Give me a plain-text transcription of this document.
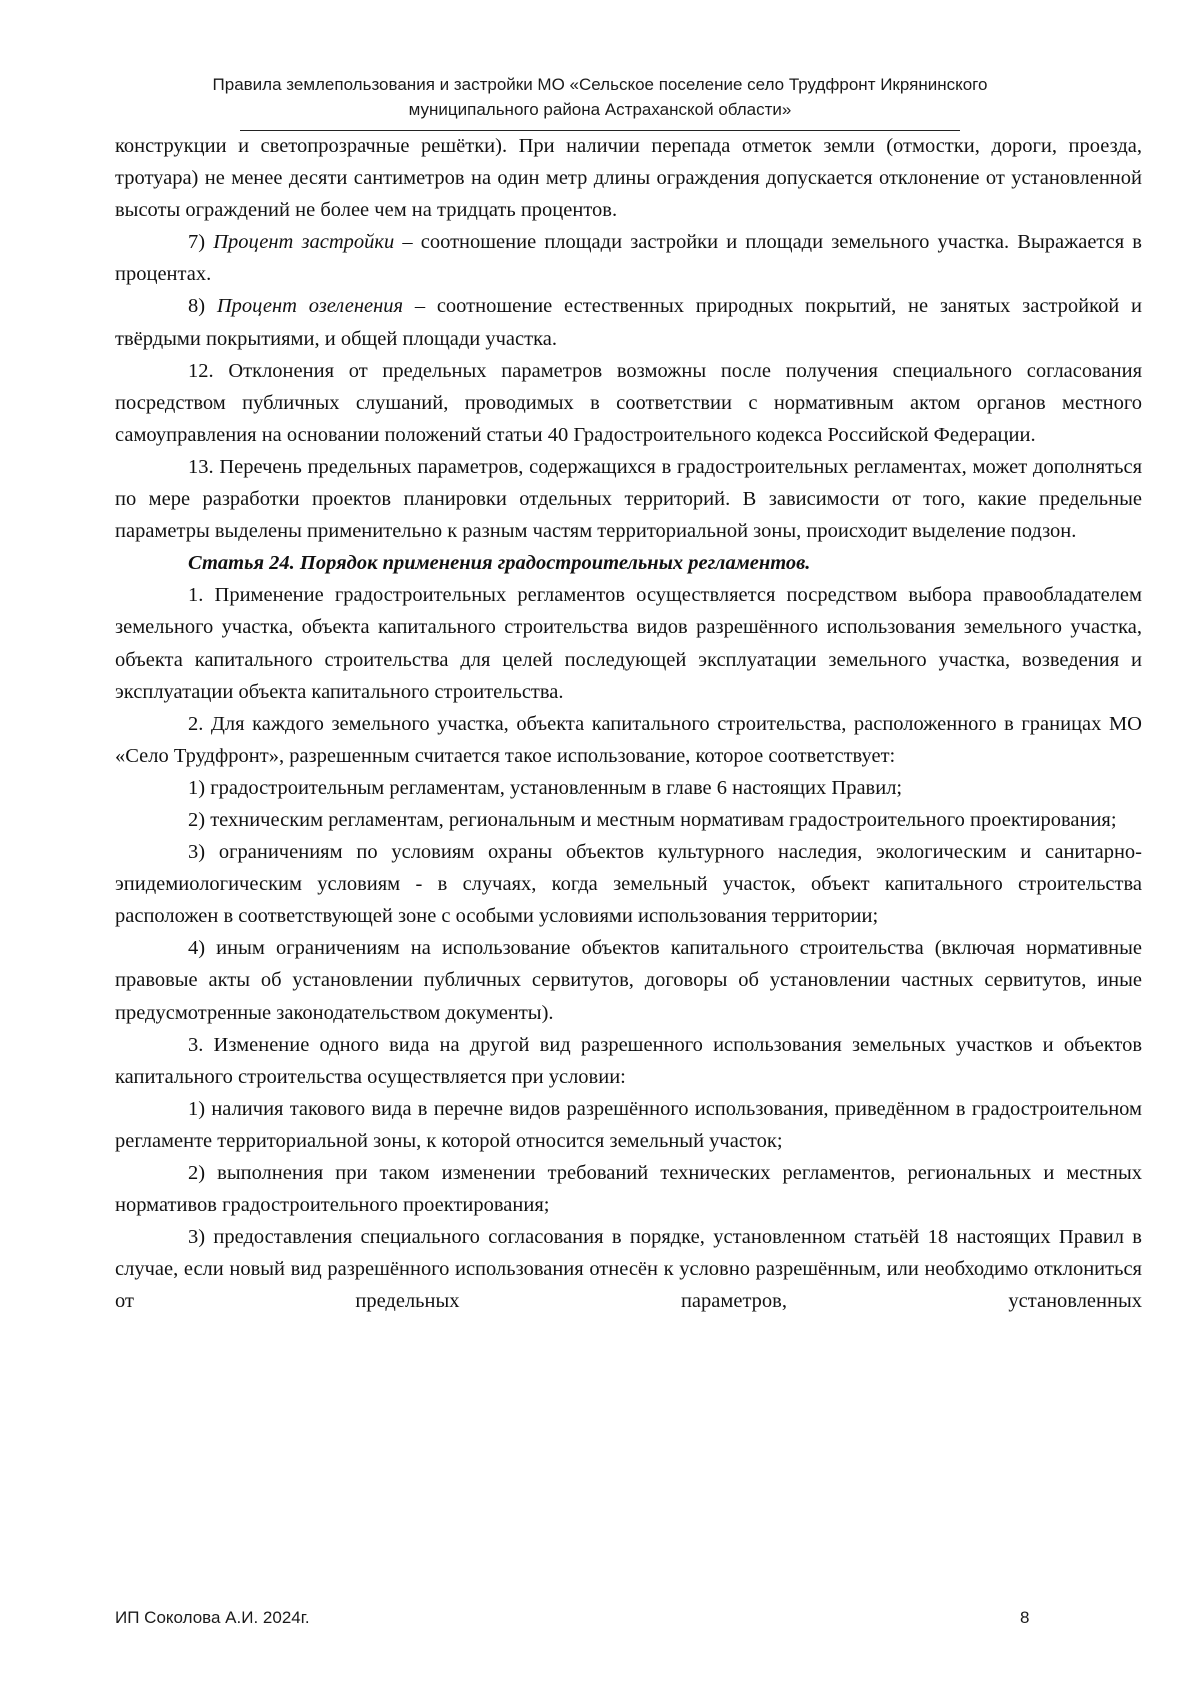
Правила землепользования и застройки МО «Сельское поселение село Трудфронт Икрянинского
муниципального района Астраханской области»

конструкции и светопрозрачные решётки). При наличии перепада отметок земли (отмостки, дороги, проезда, тротуара) не менее десяти сантиметров на один метр длины ограждения допускается отклонение от установленной высоты ограждений не более чем на тридцать процентов.

7) Процент застройки – соотношение площади застройки и площади земельного участка. Выражается в процентах.

8) Процент озеленения – соотношение естественных природных покрытий, не занятых застройкой и твёрдыми покрытиями, и общей площади участка.

12. Отклонения от предельных параметров возможны после получения специального согласования посредством публичных слушаний, проводимых в соответствии с нормативным актом органов местного самоуправления на основании положений статьи 40 Градостроительного кодекса Российской Федерации.

13. Перечень предельных параметров, содержащихся в градостроительных регламентах, может дополняться по мере разработки проектов планировки отдельных территорий. В зависимости от того, какие предельные параметры выделены применительно к разным частям территориальной зоны, происходит выделение подзон.

Статья 24. Порядок применения градостроительных регламентов.

1. Применение градостроительных регламентов осуществляется посредством выбора правообладателем земельного участка, объекта капитального строительства видов разрешённого использования земельного участка, объекта капитального строительства для целей последующей эксплуатации земельного участка, возведения и эксплуатации объекта капитального строительства.

2. Для каждого земельного участка, объекта капитального строительства, расположенного в границах МО «Село Трудфронт», разрешенным считается такое использование, которое соответствует:

1) градостроительным регламентам, установленным в главе 6 настоящих Правил;

2) техническим регламентам, региональным и местным нормативам градостроительного проектирования;

3) ограничениям по условиям охраны объектов культурного наследия, экологическим и санитарно-эпидемиологическим условиям - в случаях, когда земельный участок, объект капитального строительства расположен в соответствующей зоне с особыми условиями использования территории;

4) иным ограничениям на использование объектов капитального строительства (включая нормативные правовые акты об установлении публичных сервитутов, договоры об установлении частных сервитутов, иные предусмотренные законодательством документы).

3. Изменение одного вида на другой вид разрешенного использования земельных участков и объектов капитального строительства осуществляется при условии:

1) наличия такового вида в перечне видов разрешённого использования, приведённом в градостроительном регламенте территориальной зоны, к которой относится земельный участок;

2) выполнения при таком изменении требований технических регламентов, региональных и местных нормативов градостроительного проектирования;

3) предоставления специального согласования в порядке, установленном статьёй 18 настоящих Правил в случае, если новый вид разрешённого использования отнесён к условно разрешённым, или необходимо отклониться от предельных параметров, установленных

ИП Соколова А.И. 2024г.	8
